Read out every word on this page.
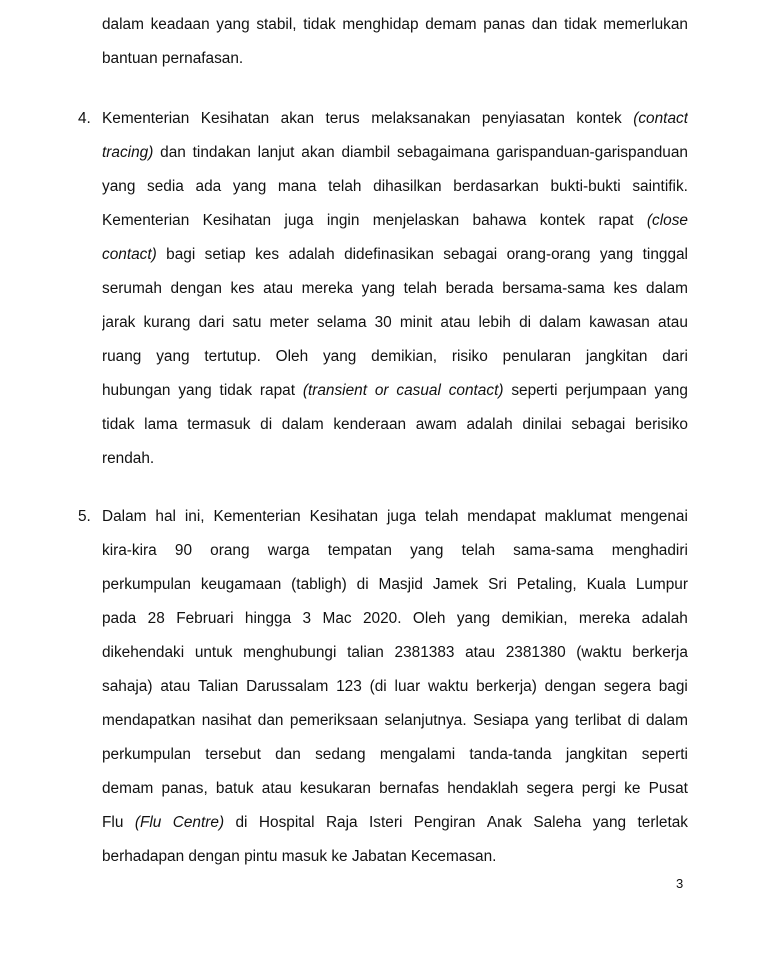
dalam keadaan yang stabil, tidak menghidap demam panas dan tidak memerlukan
bantuan pernafasan.
4. Kementerian Kesihatan akan terus melaksanakan penyiasatan kontek (contact
tracing) dan tindakan lanjut akan diambil sebagaimana garispanduan-garispanduan
yang sedia ada yang mana telah dihasilkan berdasarkan bukti-bukti saintifik.
Kementerian Kesihatan juga ingin menjelaskan bahawa kontek rapat (close
contact) bagi setiap kes adalah didefinasikan sebagai orang-orang yang tinggal
serumah dengan kes atau mereka yang telah berada bersama-sama kes dalam
jarak kurang dari satu meter selama 30 minit atau lebih di dalam kawasan atau
ruang yang tertutup. Oleh yang demikian, risiko penularan jangkitan dari
hubungan yang tidak rapat (transient or casual contact) seperti perjumpaan yang
tidak lama termasuk di dalam kenderaan awam adalah dinilai sebagai berisiko
rendah.
5. Dalam hal ini, Kementerian Kesihatan juga telah mendapat maklumat mengenai
kira-kira 90 orang warga tempatan yang telah sama-sama menghadiri
perkumpulan keugamaan (tabligh) di Masjid Jamek Sri Petaling, Kuala Lumpur
pada 28 Februari hingga 3 Mac 2020. Oleh yang demikian, mereka adalah
dikehendaki untuk menghubungi talian 2381383 atau 2381380 (waktu berkerja
sahaja) atau Talian Darussalam 123 (di luar waktu berkerja) dengan segera bagi
mendapatkan nasihat dan pemeriksaan selanjutnya. Sesiapa yang terlibat di dalam
perkumpulan tersebut dan sedang mengalami tanda-tanda jangkitan seperti
demam panas, batuk atau kesukaran bernafas hendaklah segera pergi ke Pusat
Flu (Flu Centre) di Hospital Raja Isteri Pengiran Anak Saleha yang terletak
berhadapan dengan pintu masuk ke Jabatan Kecemasan.
3
